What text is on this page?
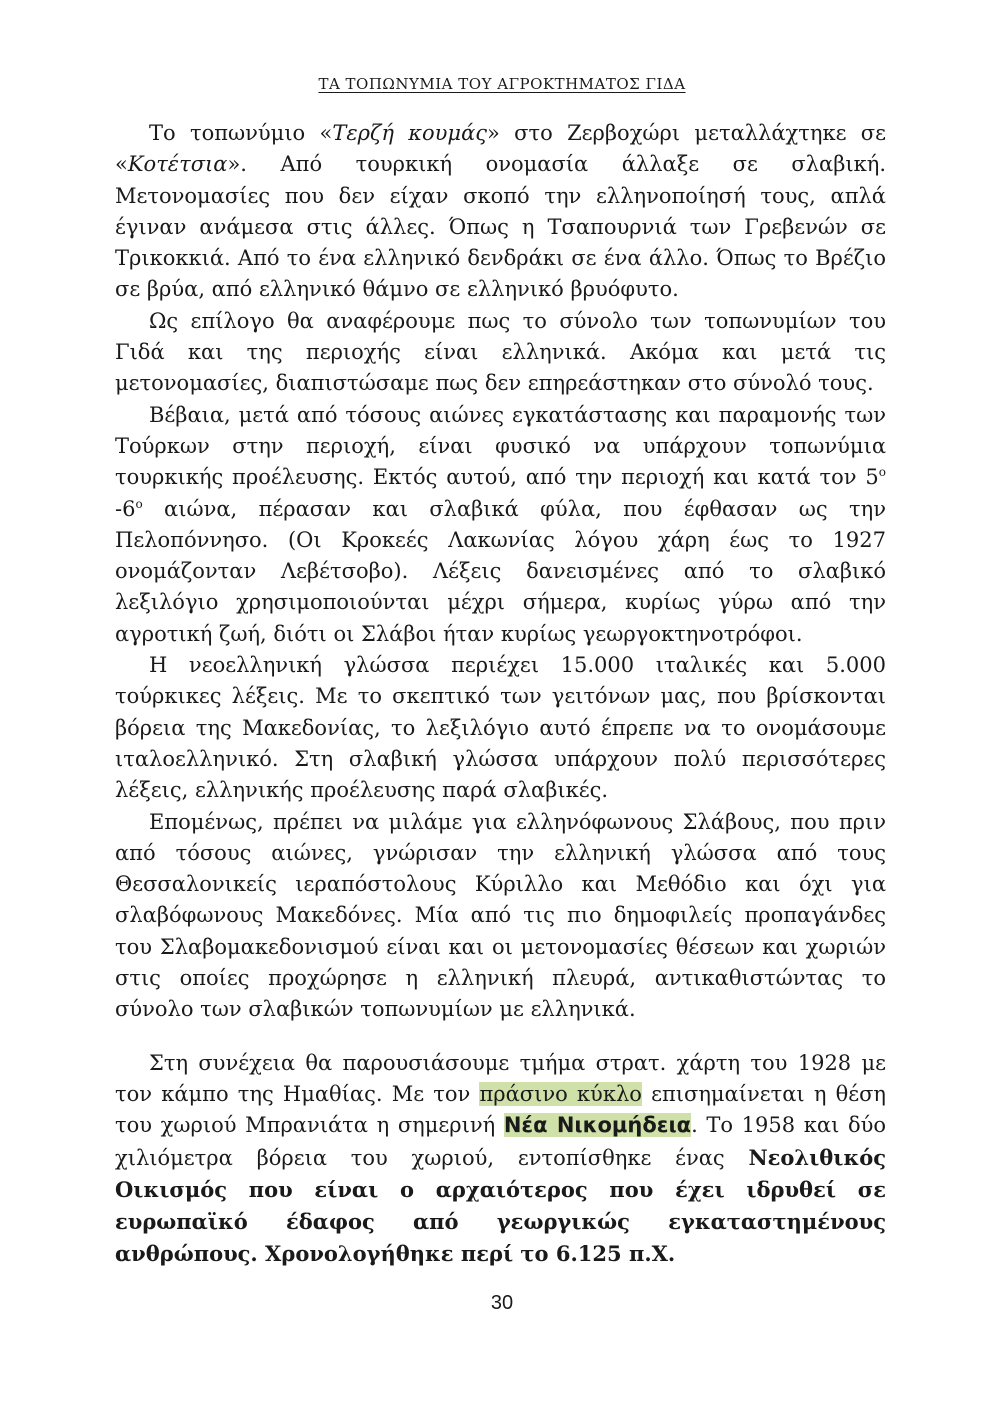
ΤΑ ΤΟΠΩΝΥΜΙΑ ΤΟΥ ΑΓΡΟΚΤΗΜΑΤΟΣ ΓΙΔΑ

Το τοπωνύμιο «Τερζή κουμάς» στο Ζερβοχώρι μεταλλάχτηκε σε «Κοτέτσια». Από τουρκική ονομασία άλλαξε σε σλαβική. Μετονομασίες που δεν είχαν σκοπό την ελληνοποίησή τους, απλά έγιναν ανάμεσα στις άλλες. Όπως η Τσαπουρνιά των Γρεβενών σε Τρικοκκιά. Από το ένα ελληνικό δενδράκι σε ένα άλλο. Όπως το Βρέζιο σε βρύα, από ελληνικό θάμνο σε ελληνικό βρυόφυτο.

Ως επίλογο θα αναφέρουμε πως το σύνολο των τοπωνυμίων του Γιδά και της περιοχής είναι ελληνικά. Ακόμα και μετά τις μετονομασίες, διαπιστώσαμε πως δεν επηρεάστηκαν στο σύνολό τους.

Βέβαια, μετά από τόσους αιώνες εγκατάστασης και παραμονής των Τούρκων στην περιοχή, είναι φυσικό να υπάρχουν τοπωνύμια τουρκικής προέλευσης. Εκτός αυτού, από την περιοχή και κατά τον $5^o$ $-6^o$ αιώνα, πέρασαν και σλαβικά φύλα, που έφθασαν ως την Πελοπόννησο. (Οι Κροκεές Λακωνίας λόγου χάρη έως το 1927 ονομάζονταν Λεβέτσοβο). Λέξεις δανεισμένες από το σλαβικό λεξιλόγιο χρησιμοποιούνται μέχρι σήμερα, κυρίως γύρω από την αγροτική ζωή, διότι οι Σλάβοι ήταν κυρίως γεωργοκτηνοτρόφοι.

Η νεοελληνική γλώσσα περιέχει 15.000 ιταλικές και 5.000 τούρκικες λέξεις. Με το σκεπτικό των γειτόνων μας, που βρίσκονται βόρεια της Μακεδονίας, το λεξιλόγιο αυτό έπρεπε να το ονομάσουμε ιταλοελληνικό. Στη σλαβική γλώσσα υπάρχουν πολύ περισσότερες λέξεις, ελληνικής προέλευσης παρά σλαβικές.

Επομένως, πρέπει να μιλάμε για ελληνόφωνους Σλάβους, που πριν από τόσους αιώνες, γνώρισαν την ελληνική γλώσσα από τους Θεσσαλονικείς ιεραπόστολους Κύριλλο και Μεθόδιο και όχι για σλαβόφωνους Μακεδόνες. Μία από τις πιο δημοφιλείς προπαγάνδες του Σλαβομακεδονισμού είναι και οι μετονομασίες θέσεων και χωριών στις οποίες προχώρησε η ελληνική πλευρά, αντικαθιστώντας το σύνολο των σλαβικών τοπωνυμίων με ελληνικά.

Στη συνέχεια θα παρουσιάσουμε τμήμα στρατ. χάρτη του 1928 με τον κάμπο της Ημαθίας. Με τον πράσινο κύκλο επισημαίνεται η θέση του χωριού Μπρανιάτα η σημερινή Νέα Νικομήδεια. Το 1958 και δύο χιλιόμετρα βόρεια του χωριού, εντοπίσθηκε ένας Νεολιθικός Οικισμός που είναι ο αρχαιότερος που έχει ιδρυθεί σε ευρωπαϊκό έδαφος από γεωργικώς εγκαταστημένους ανθρώπους. Χρονολογήθηκε περί το 6.125 π.Χ.

30
